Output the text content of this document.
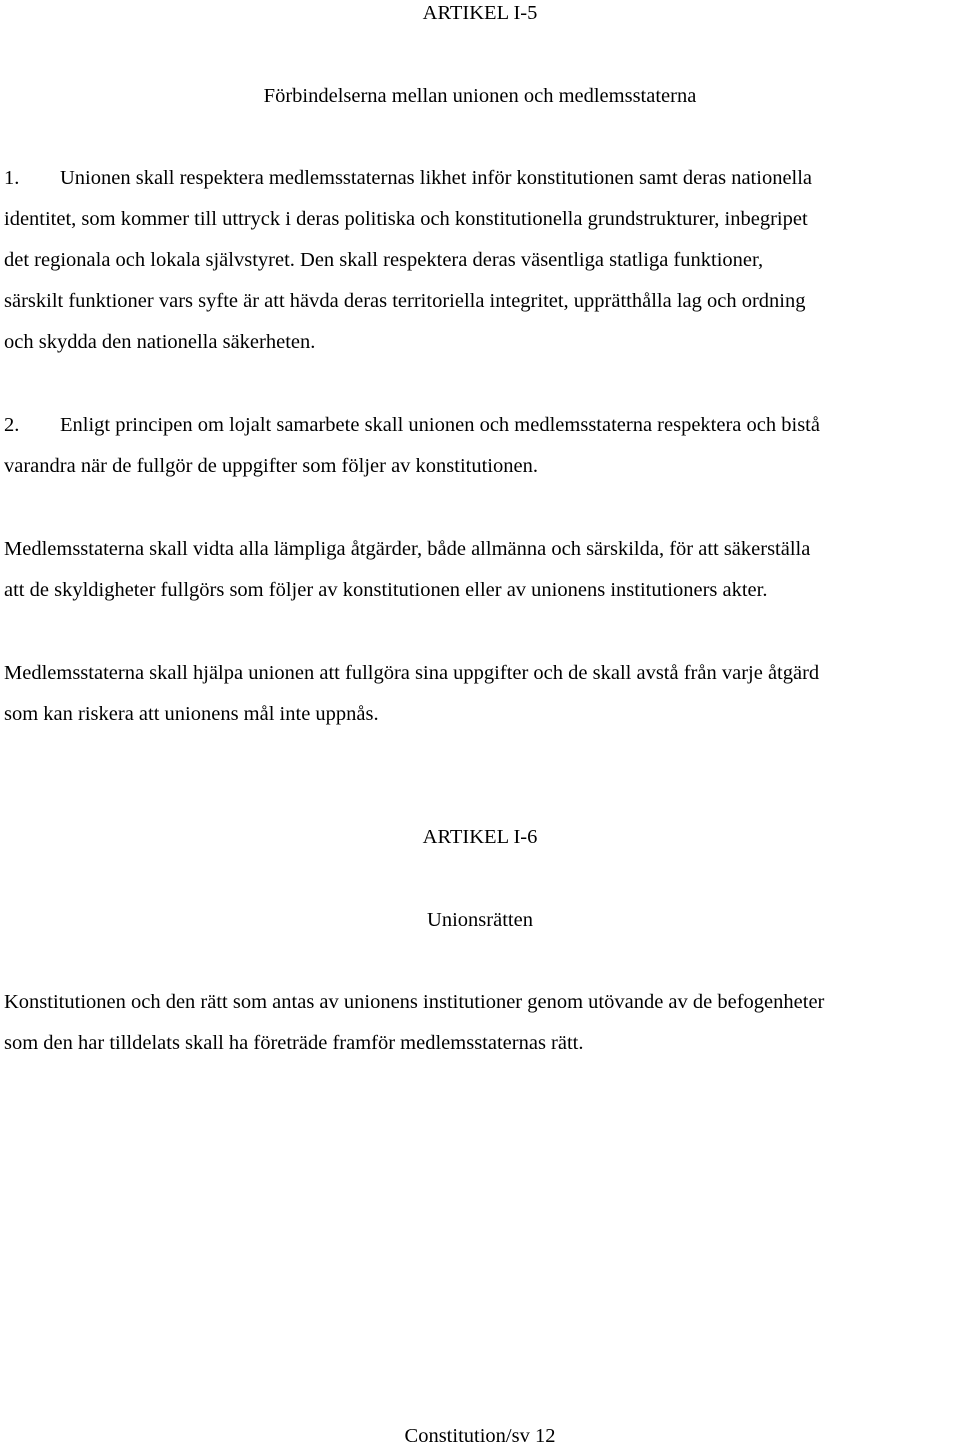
ARTIKEL I-5
Förbindelserna mellan unionen och medlemsstaterna
1. Unionen skall respektera medlemsstaternas likhet inför konstitutionen samt deras nationella
identitet, som kommer till uttryck i deras politiska och konstitutionella grundstrukturer, inbegripet
det regionala och lokala självstyret. Den skall respektera deras väsentliga statliga funktioner,
särskilt funktioner vars syfte är att hävda deras territoriella integritet, upprätthålla lag och ordning
och skydda den nationella säkerheten.
2. Enligt principen om lojalt samarbete skall unionen och medlemsstaterna respektera och bistå
varandra när de fullgör de uppgifter som följer av konstitutionen.
Medlemsstaterna skall vidta alla lämpliga åtgärder, både allmänna och särskilda, för att säkerställa
att de skyldigheter fullgörs som följer av konstitutionen eller av unionens institutioners akter.
Medlemsstaterna skall hjälpa unionen att fullgöra sina uppgifter och de skall avstå från varje åtgärd
som kan riskera att unionens mål inte uppnås.
ARTIKEL I-6
Unionsrätten
Konstitutionen och den rätt som antas av unionens institutioner genom utövande av de befogenheter
som den har tilldelats skall ha företräde framför medlemsstaternas rätt.
Constitution/sv 12
